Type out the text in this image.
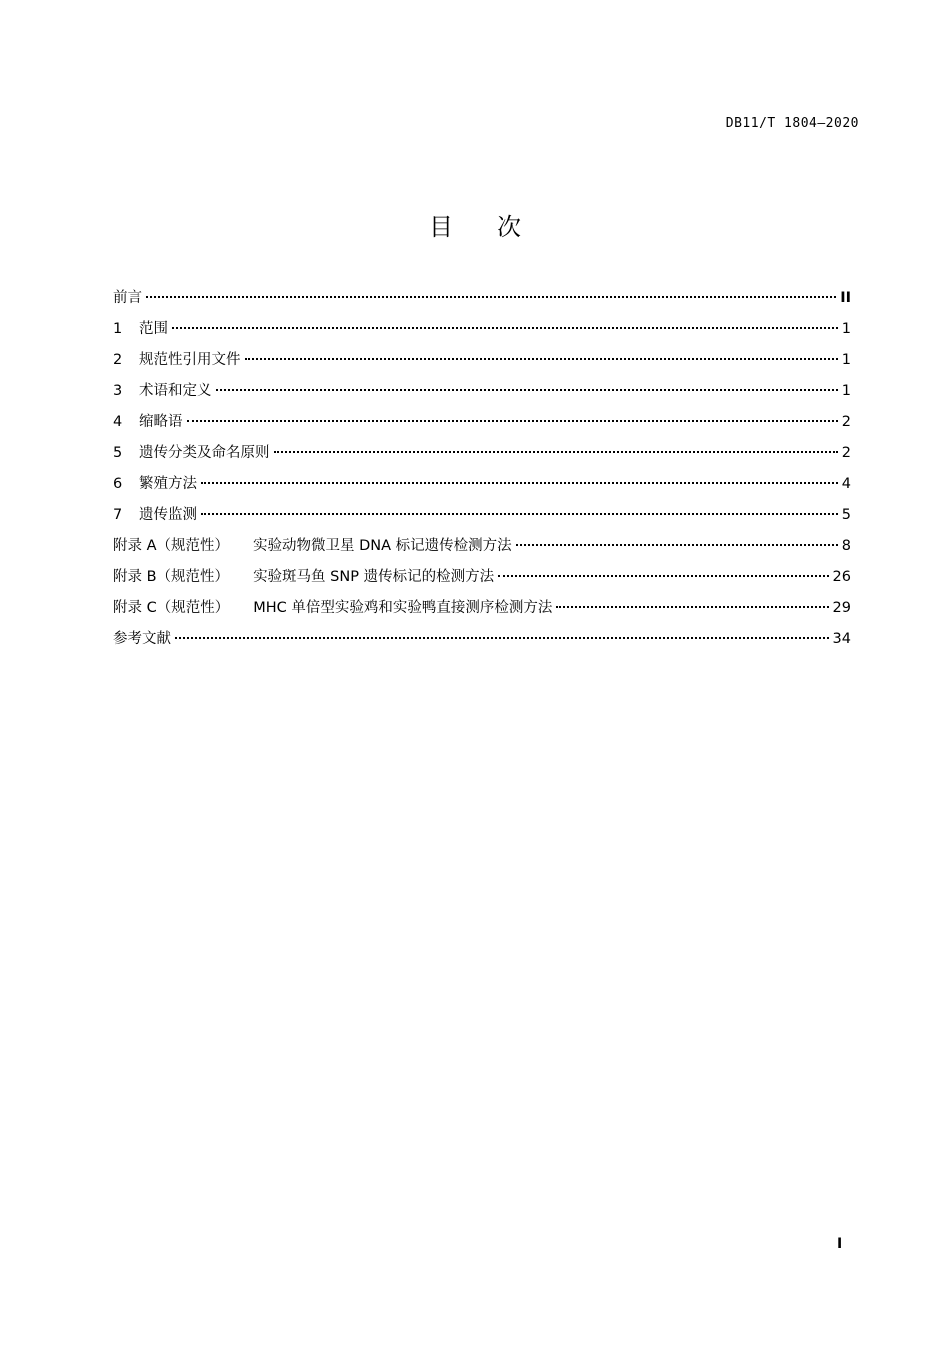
DB11/T 1804—2020
目次
前言	II
1	范围	1
2	规范性引用文件	1
3	术语和定义	1
4	缩略语	2
5	遗传分类及命名原则	2
6	繁殖方法	4
7	遗传监测	5
附录 A（规范性） 实验动物微卫星 DNA 标记遗传检测方法	8
附录 B（规范性） 实验斑马鱼 SNP 遗传标记的检测方法	26
附录 C（规范性） MHC 单倍型实验鸡和实验鸭直接测序检测方法	29
参考文献	34
I
